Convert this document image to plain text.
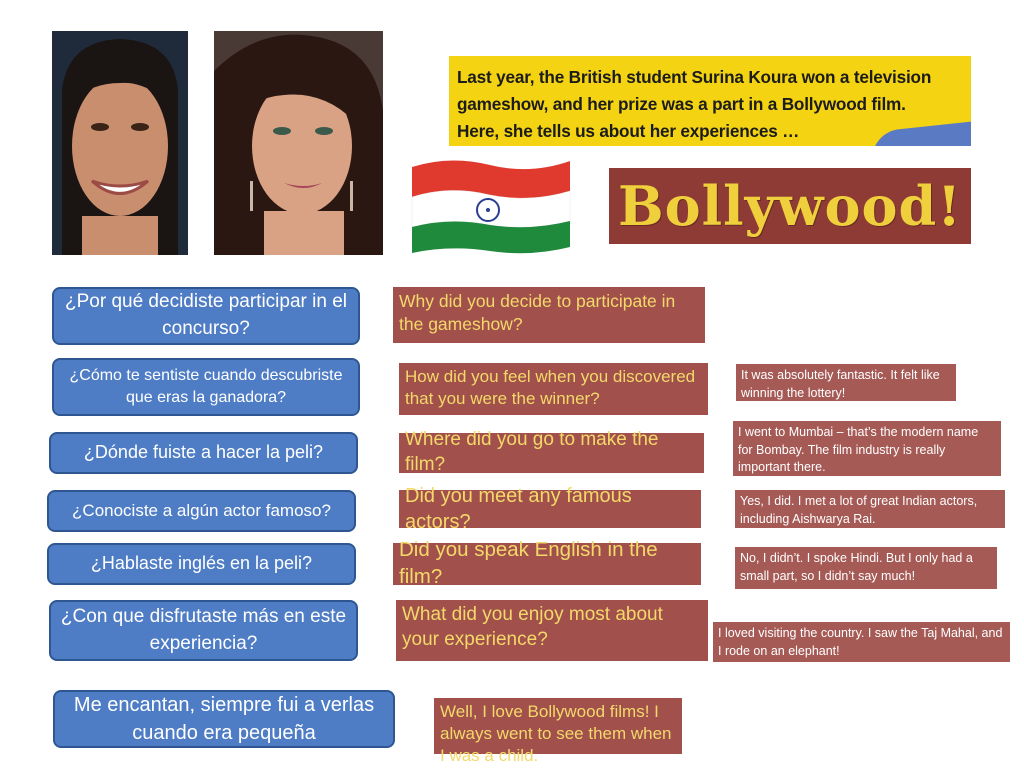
Last year, the British student Surina Koura won a television
gameshow, and her prize was a part in a Bollywood film.
Here, she tells us about her experiences …
Bollywood!
¿Por qué decidiste participar in el concurso?
Why did you decide to participate in the gameshow?
¿Cómo te sentiste cuando descubriste que eras la ganadora?
How did you feel when you discovered that you were the winner?
It was absolutely fantastic. It felt like winning the lottery!
¿Dónde fuiste a hacer la peli?
Where did you go to make the film?
I went to Mumbai – that’s the modern name for Bombay. The film industry is really important there.
¿Conociste a algún actor famoso?
Did you meet any famous actors?
Yes, I did. I met a lot of great Indian actors, including Aishwarya Rai.
¿Hablaste inglés en la peli?
Did you speak English in the film?
No, I didn’t. I spoke Hindi. But I only had a small part, so I didn’t say much!
¿Con que disfrutaste más en este experiencia?
What did you enjoy most about your experience?	I loved visiting the country. I saw the Taj Mahal, and I rode on an elephant!
Me encantan, siempre fui a verlas cuando era pequeña
Well, I love Bollywood films! I always went to see them when I was a child.
